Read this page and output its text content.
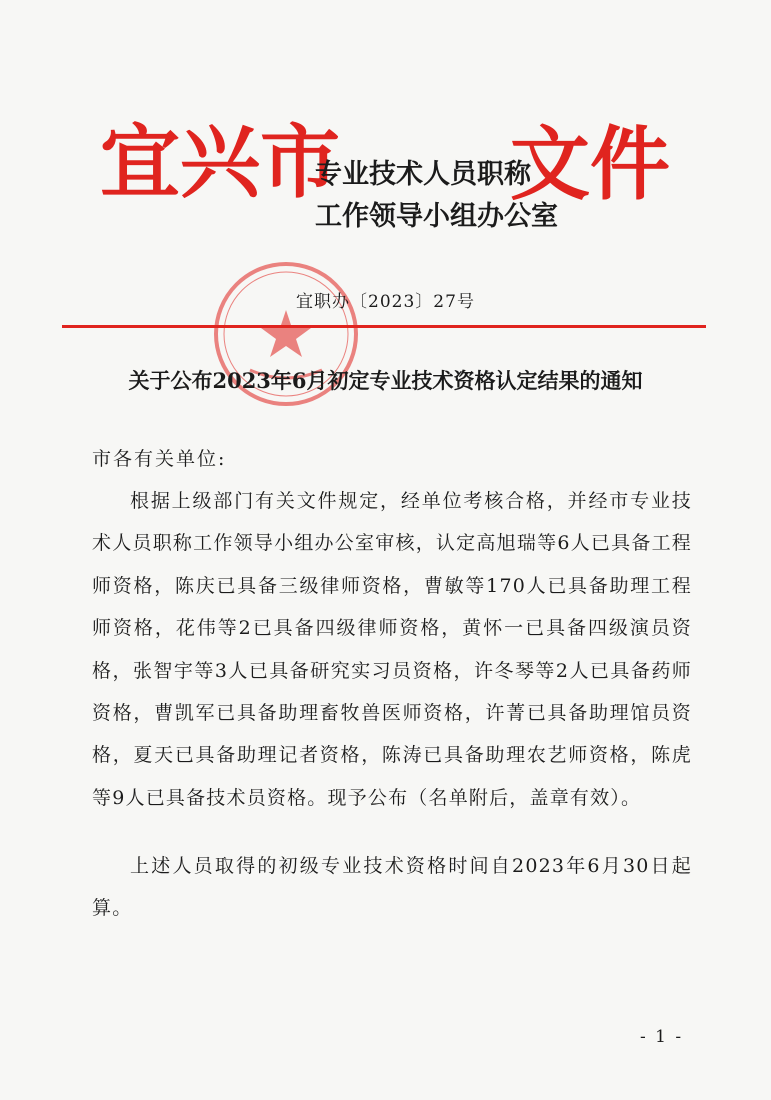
宜兴市
专业技术人员职称
工作领导小组办公室
文件
宜职办〔2023〕27号
关于公布2023年6月初定专业技术资格认定结果的通知
市各有关单位:
根据上级部门有关文件规定，经单位考核合格，并经市专业技术人员职称工作领导小组办公室审核，认定高旭瑞等6人已具备工程师资格，陈庆已具备三级律师资格，曹敏等170人已具备助理工程师资格，花伟等2已具备四级律师资格，黄怀一已具备四级演员资格，张智宇等3人已具备研究实习员资格，许冬琴等2人已具备药师资格，曹凯军已具备助理畜牧兽医师资格，许菁已具备助理馆员资格，夏天已具备助理记者资格，陈涛已具备助理农艺师资格，陈虎等9人已具备技术员资格。现予公布（名单附后，盖章有效）。
上述人员取得的初级专业技术资格时间自2023年6月30日起算。
- 1 -
